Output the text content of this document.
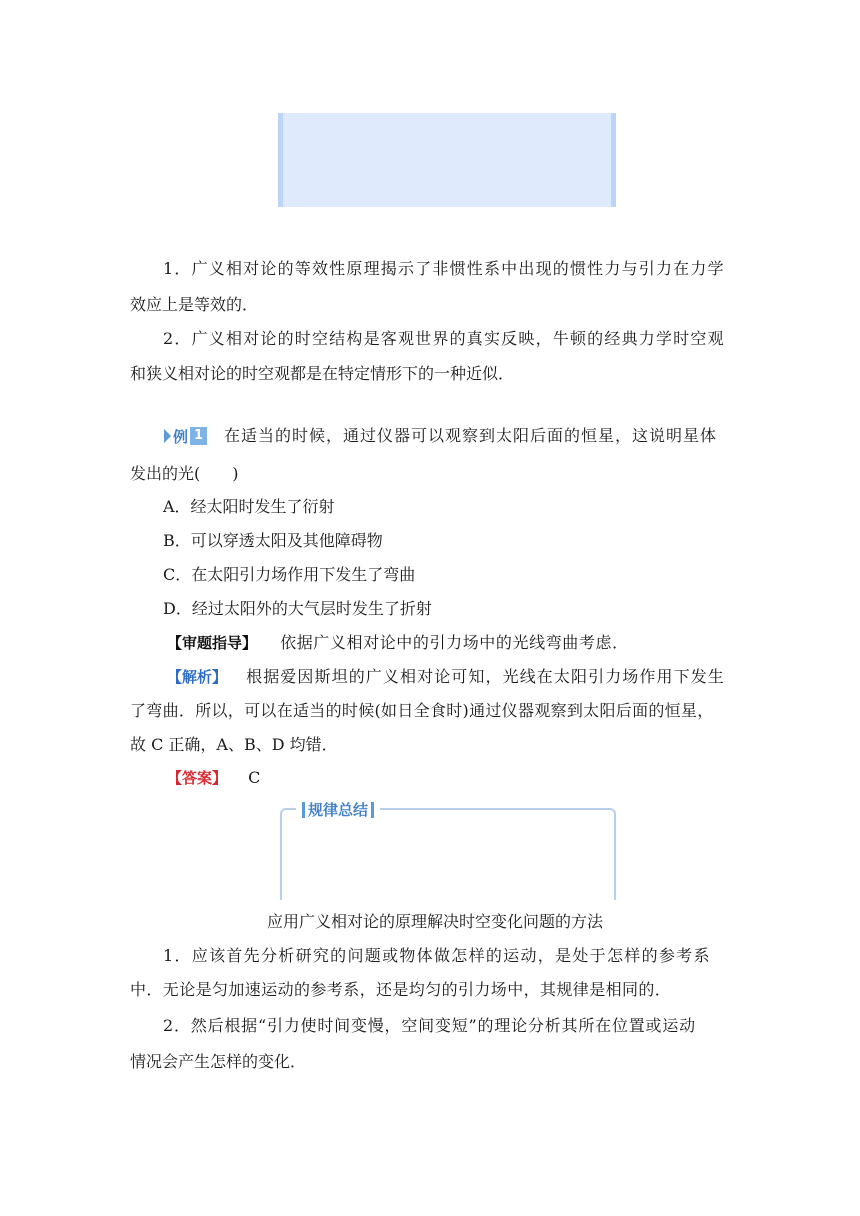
1．广义相对论的等效性原理揭示了非惯性系中出现的惯性力与引力在力学
效应上是等效的．
2．广义相对论的时空结构是客观世界的真实反映，牛顿的经典力学时空观
和狭义相对论的时空观都是在特定情形下的一种近似．
例 1 在适当的时候，通过仪器可以观察到太阳后面的恒星，这说明星体
发出的光(　　)
A．经太阳时发生了衍射
B．可以穿透太阳及其他障碍物
C．在太阳引力场作用下发生了弯曲
D．经过太阳外的大气层时发生了折射
【审题指导】 依据广义相对论中的引力场中的光线弯曲考虑．
【解析】 根据爱因斯坦的广义相对论可知，光线在太阳引力场作用下发生
了弯曲．所以，可以在适当的时候(如日全食时)通过仪器观察到太阳后面的恒星，
故 C 正确，A、B、D 均错．
【答案】 C
规律总结
应用广义相对论的原理解决时空变化问题的方法
1．应该首先分析研究的问题或物体做怎样的运动，是处于怎样的参考系
中．无论是匀加速运动的参考系，还是均匀的引力场中，其规律是相同的．
2．然后根据“引力使时间变慢，空间变短”的理论分析其所在位置或运动
情况会产生怎样的变化．
